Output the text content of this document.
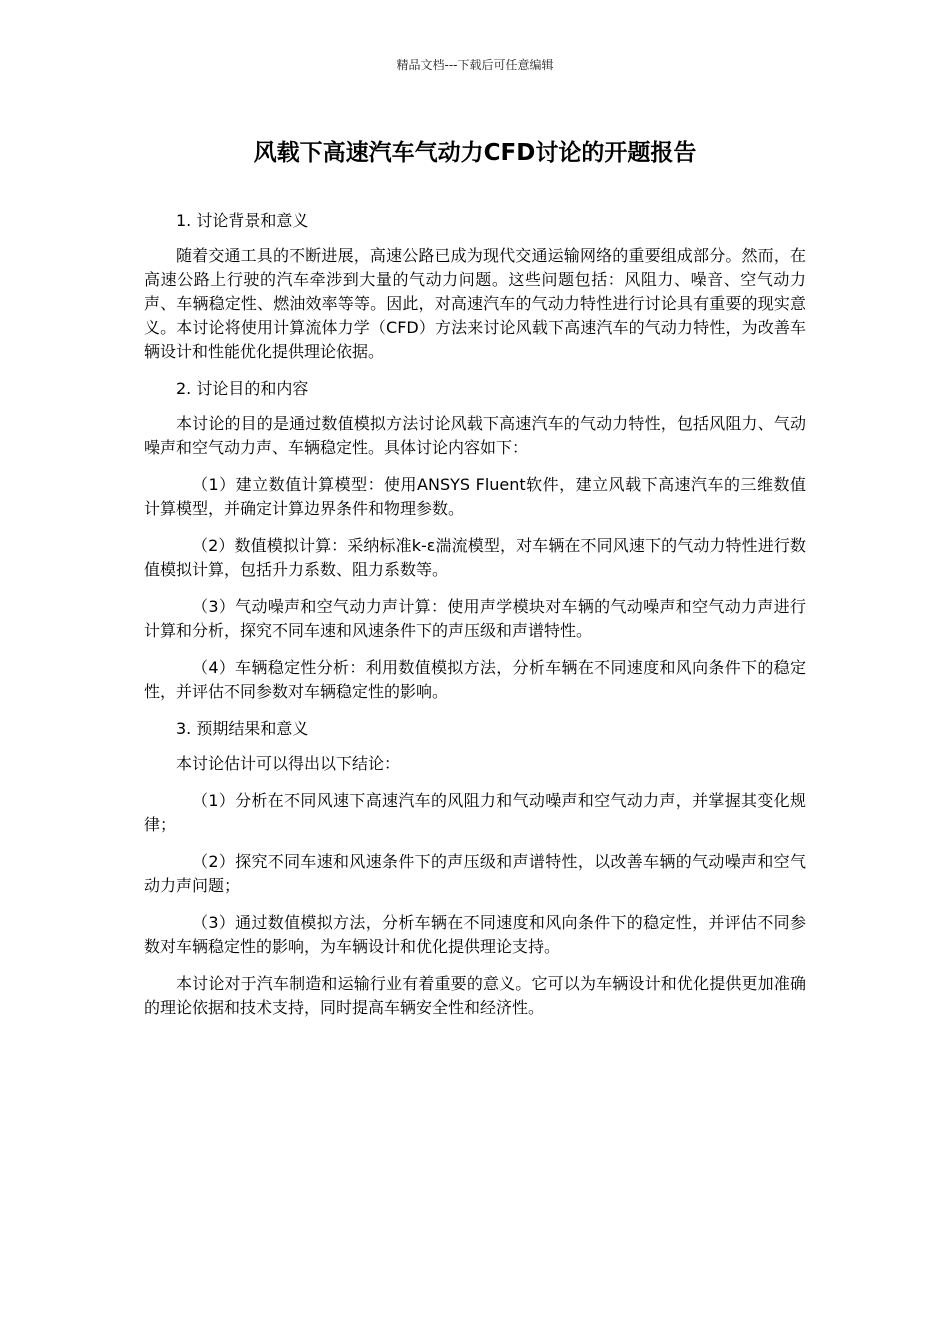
精品文档---下载后可任意编辑
风载下高速汽车气动力CFD讨论的开题报告

1. 讨论背景和意义

随着交通工具的不断进展，高速公路已成为现代交通运输网络的重要组成部分。然而，在高速公路上行驶的汽车牵涉到大量的气动力问题。这些问题包括：风阻力、噪音、空气动力声、车辆稳定性、燃油效率等等。因此，对高速汽车的气动力特性进行讨论具有重要的现实意义。本讨论将使用计算流体力学（CFD）方法来讨论风载下高速汽车的气动力特性，为改善车辆设计和性能优化提供理论依据。

2. 讨论目的和内容

本讨论的目的是通过数值模拟方法讨论风载下高速汽车的气动力特性，包括风阻力、气动噪声和空气动力声、车辆稳定性。具体讨论内容如下：

（1）建立数值计算模型：使用ANSYS Fluent软件，建立风载下高速汽车的三维数值计算模型，并确定计算边界条件和物理参数。

（2）数值模拟计算：采纳标准k-ε湍流模型，对车辆在不同风速下的气动力特性进行数值模拟计算，包括升力系数、阻力系数等。

（3）气动噪声和空气动力声计算：使用声学模块对车辆的气动噪声和空气动力声进行计算和分析，探究不同车速和风速条件下的声压级和声谱特性。

（4）车辆稳定性分析：利用数值模拟方法，分析车辆在不同速度和风向条件下的稳定性，并评估不同参数对车辆稳定性的影响。

3. 预期结果和意义

本讨论估计可以得出以下结论：

（1）分析在不同风速下高速汽车的风阻力和气动噪声和空气动力声，并掌握其变化规律；

（2）探究不同车速和风速条件下的声压级和声谱特性，以改善车辆的气动噪声和空气动力声问题；

（3）通过数值模拟方法，分析车辆在不同速度和风向条件下的稳定性，并评估不同参数对车辆稳定性的影响，为车辆设计和优化提供理论支持。

本讨论对于汽车制造和运输行业有着重要的意义。它可以为车辆设计和优化提供更加准确的理论依据和技术支持，同时提高车辆安全性和经济性。
